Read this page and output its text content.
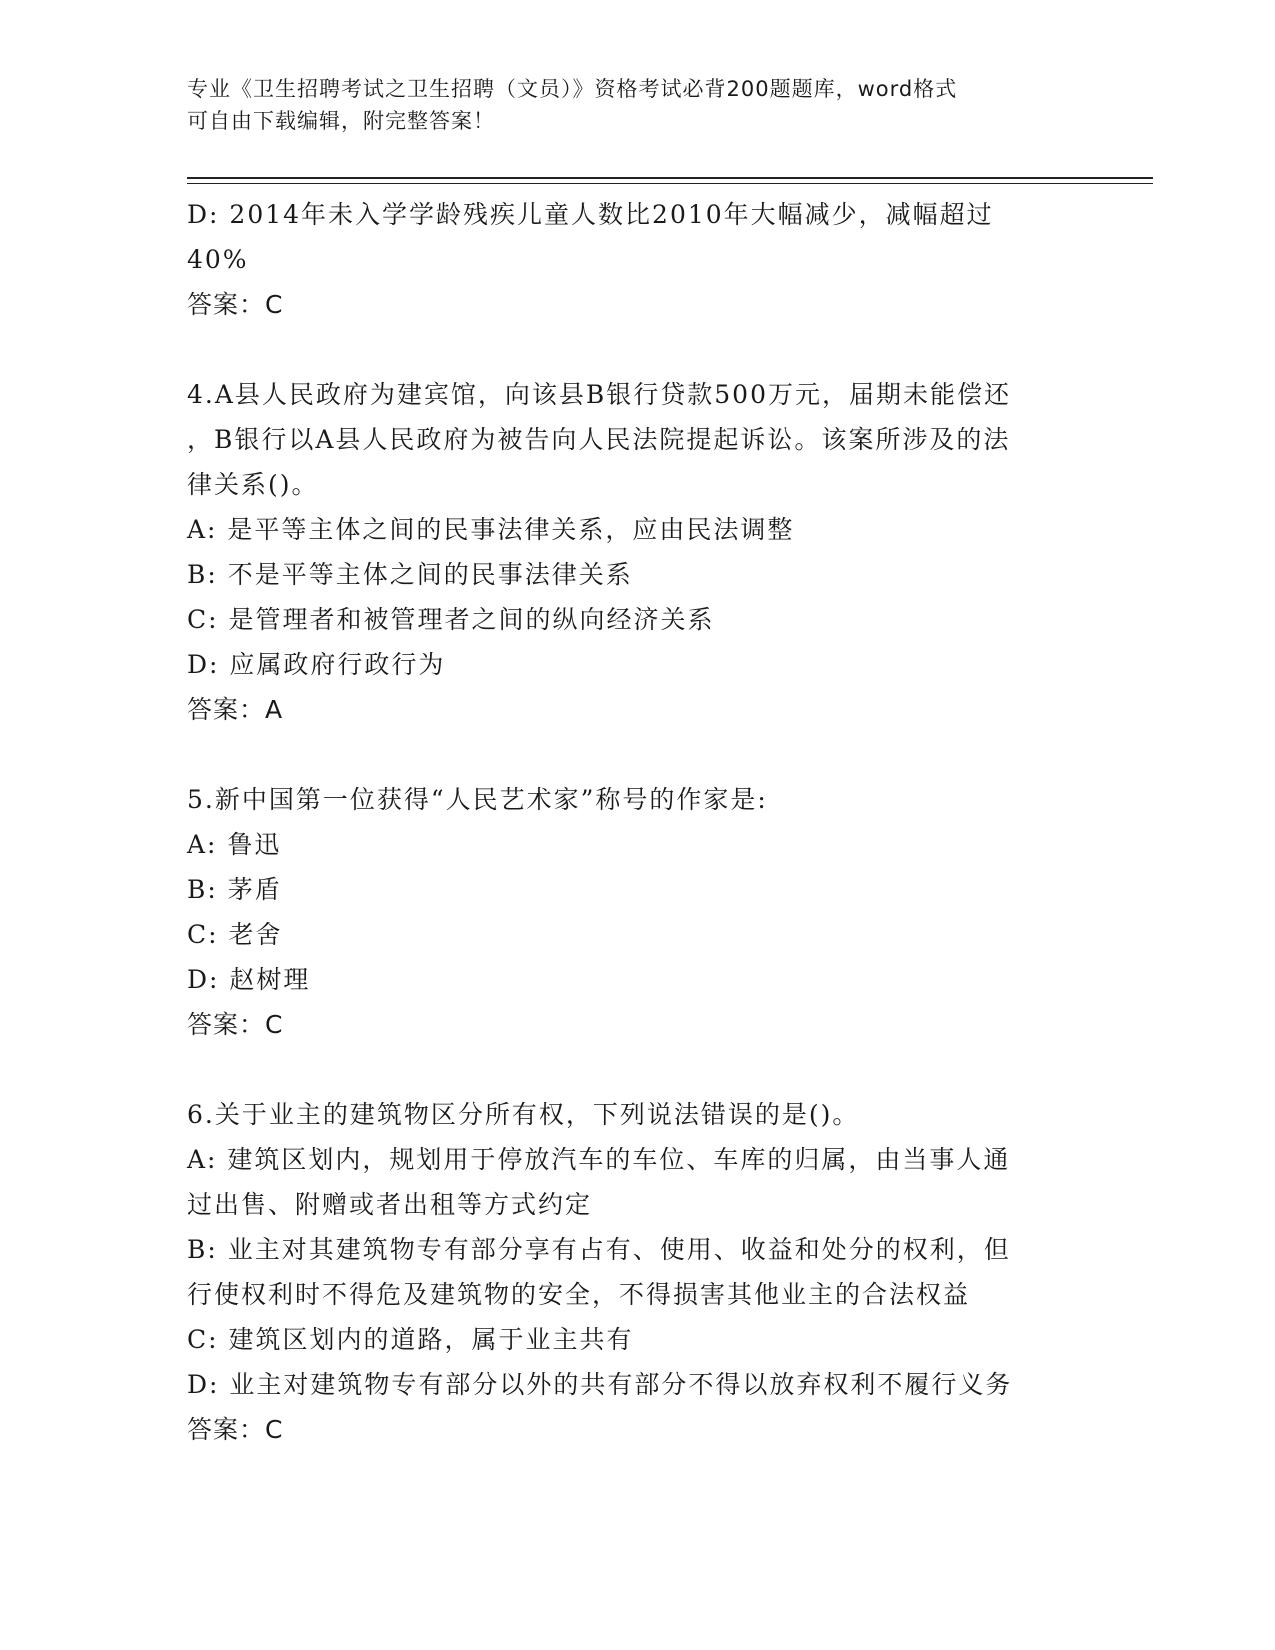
专业《卫生招聘考试之卫生招聘（文员）》资格考试必背200题题库，word格式
可自由下载编辑，附完整答案！
D: 2014年未入学学龄残疾儿童人数比2010年大幅减少，减幅超过
40%
答案：C
4.A县人民政府为建宾馆，向该县B银行贷款500万元，届期未能偿还
，B银行以A县人民政府为被告向人民法院提起诉讼。该案所涉及的法
律关系()。
A: 是平等主体之间的民事法律关系，应由民法调整
B: 不是平等主体之间的民事法律关系
C: 是管理者和被管理者之间的纵向经济关系
D: 应属政府行政行为
答案：A
5.新中国第一位获得“人民艺术家”称号的作家是:
A: 鲁迅
B: 茅盾
C: 老舍
D: 赵树理
答案：C
6.关于业主的建筑物区分所有权，下列说法错误的是()。
A: 建筑区划内，规划用于停放汽车的车位、车库的归属，由当事人通
过出售、附赠或者出租等方式约定
B: 业主对其建筑物专有部分享有占有、使用、收益和处分的权利，但
行使权利时不得危及建筑物的安全，不得损害其他业主的合法权益
C: 建筑区划内的道路，属于业主共有
D: 业主对建筑物专有部分以外的共有部分不得以放弃权利不履行义务
答案：C
